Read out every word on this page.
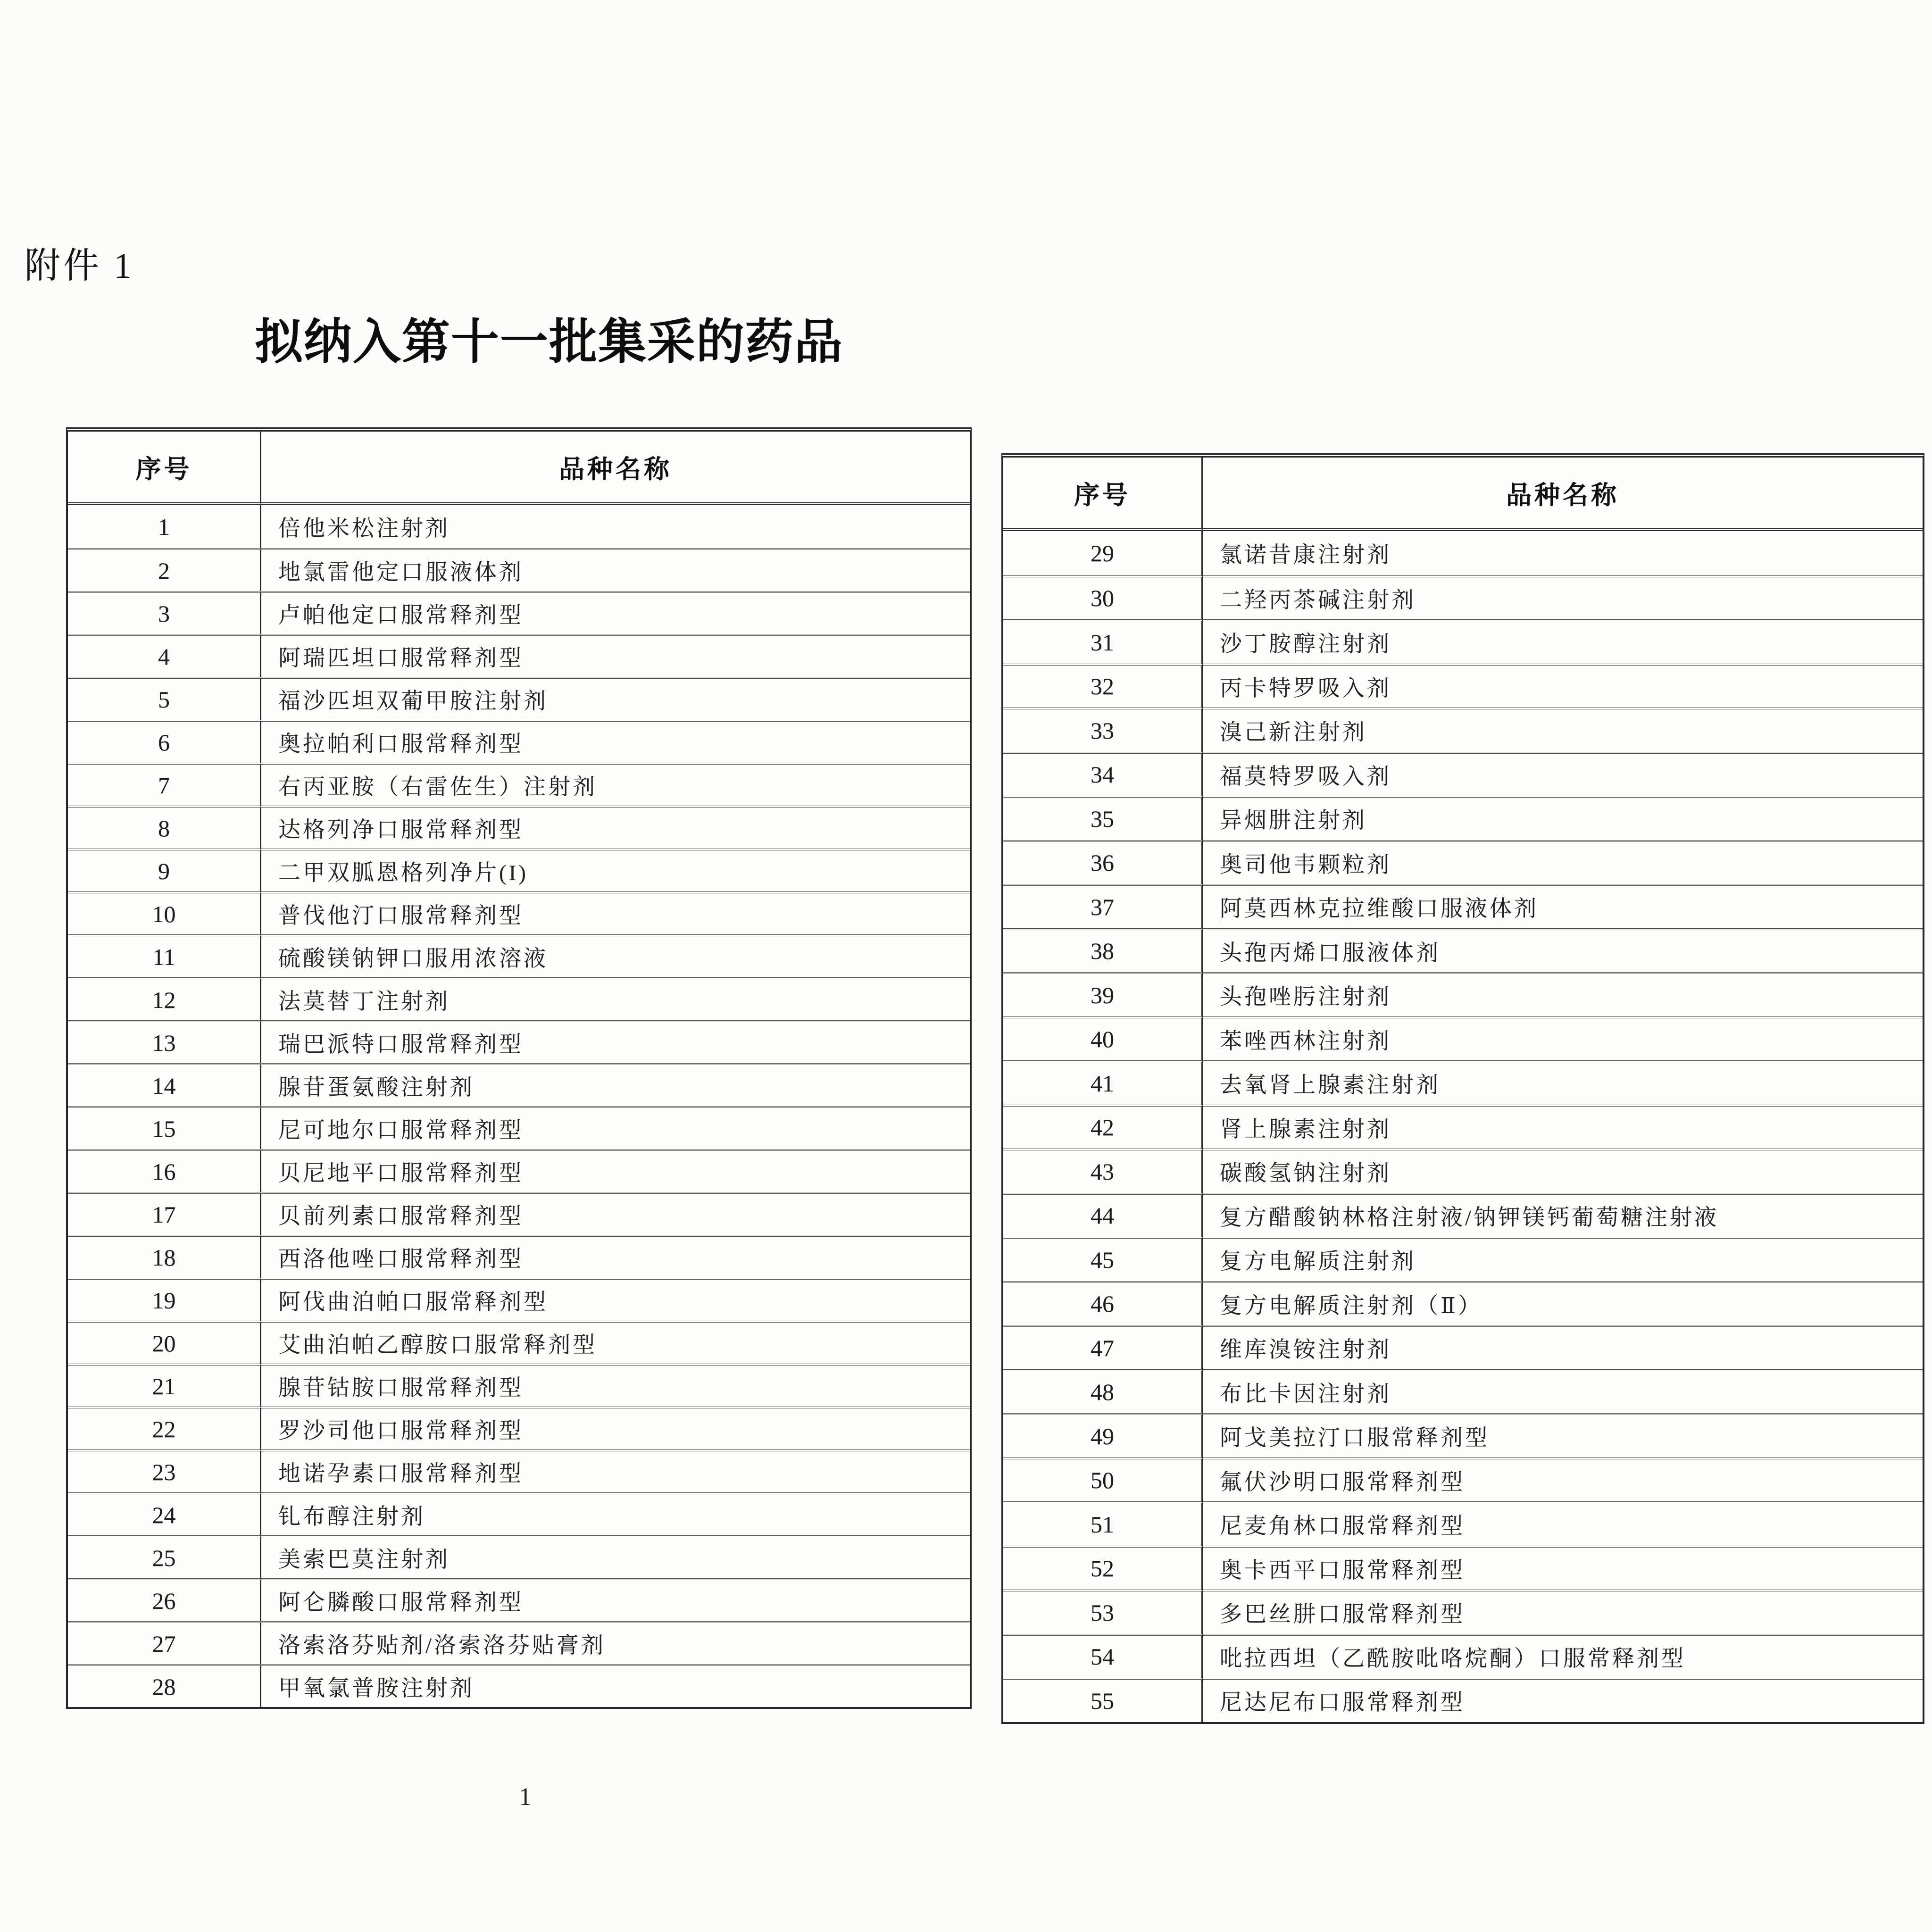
附件 1
拟纳入第十一批集采的药品
序号	品种名称
1	倍他米松注射剂
2	地氯雷他定口服液体剂
3	卢帕他定口服常释剂型
4	阿瑞匹坦口服常释剂型
5	福沙匹坦双葡甲胺注射剂
6	奥拉帕利口服常释剂型
7	右丙亚胺（右雷佐生）注射剂
8	达格列净口服常释剂型
9	二甲双胍恩格列净片(I)
10	普伐他汀口服常释剂型
11	硫酸镁钠钾口服用浓溶液
12	法莫替丁注射剂
13	瑞巴派特口服常释剂型
14	腺苷蛋氨酸注射剂
15	尼可地尔口服常释剂型
16	贝尼地平口服常释剂型
17	贝前列素口服常释剂型
18	西洛他唑口服常释剂型
19	阿伐曲泊帕口服常释剂型
20	艾曲泊帕乙醇胺口服常释剂型
21	腺苷钴胺口服常释剂型
22	罗沙司他口服常释剂型
23	地诺孕素口服常释剂型
24	钆布醇注射剂
25	美索巴莫注射剂
26	阿仑膦酸口服常释剂型
27	洛索洛芬贴剂/洛索洛芬贴膏剂
28	甲氧氯普胺注射剂
序号	品种名称
29	氯诺昔康注射剂
30	二羟丙茶碱注射剂
31	沙丁胺醇注射剂
32	丙卡特罗吸入剂
33	溴己新注射剂
34	福莫特罗吸入剂
35	异烟肼注射剂
36	奥司他韦颗粒剂
37	阿莫西林克拉维酸口服液体剂
38	头孢丙烯口服液体剂
39	头孢唑肟注射剂
40	苯唑西林注射剂
41	去氧肾上腺素注射剂
42	肾上腺素注射剂
43	碳酸氢钠注射剂
44	复方醋酸钠林格注射液/钠钾镁钙葡萄糖注射液
45	复方电解质注射剂
46	复方电解质注射剂（Ⅱ）
47	维库溴铵注射剂
48	布比卡因注射剂
49	阿戈美拉汀口服常释剂型
50	氟伏沙明口服常释剂型
51	尼麦角林口服常释剂型
52	奥卡西平口服常释剂型
53	多巴丝肼口服常释剂型
54	吡拉西坦（乙酰胺吡咯烷酮）口服常释剂型
55	尼达尼布口服常释剂型
1
